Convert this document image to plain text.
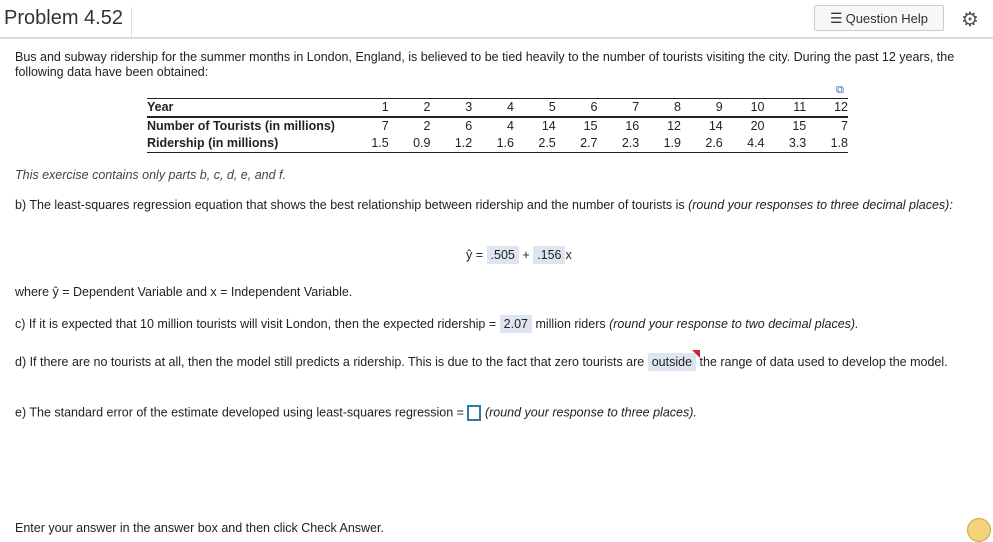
Problem 4.52	☰ Question Help ⚙
Bus and subway ridership for the summer months in London, England, is believed to be tied heavily to the number of tourists visiting the city. During the past 12 years, the following data have been obtained:
⧉
Year	1	2	3	4	5	6	7	8	9	10	11	12
Number of Tourists (in millions)	7	2	6	4	14	15	16	12	14	20	15	7
Ridership (in millions)	1.5	0.9	1.2	1.6	2.5	2.7	2.3	1.9	2.6	4.4	3.3	1.8
This exercise contains only parts b, c, d, e, and f.
b) The least-squares regression equation that shows the best relationship between ridership and the number of tourists is (round your responses to three decimal places):
ŷ = .505 + .156 x
where ŷ = Dependent Variable and x = Independent Variable.
c) If it is expected that 10 million tourists will visit London, then the expected ridership = 2.07 million riders (round your response to two decimal places).
d) If there are no tourists at all, then the model still predicts a ridership. This is due to the fact that zero tourists are outside the range of data used to develop the model.
e) The standard error of the estimate developed using least-squares regression = (round your response to three places).
Enter your answer in the answer box and then click Check Answer.
